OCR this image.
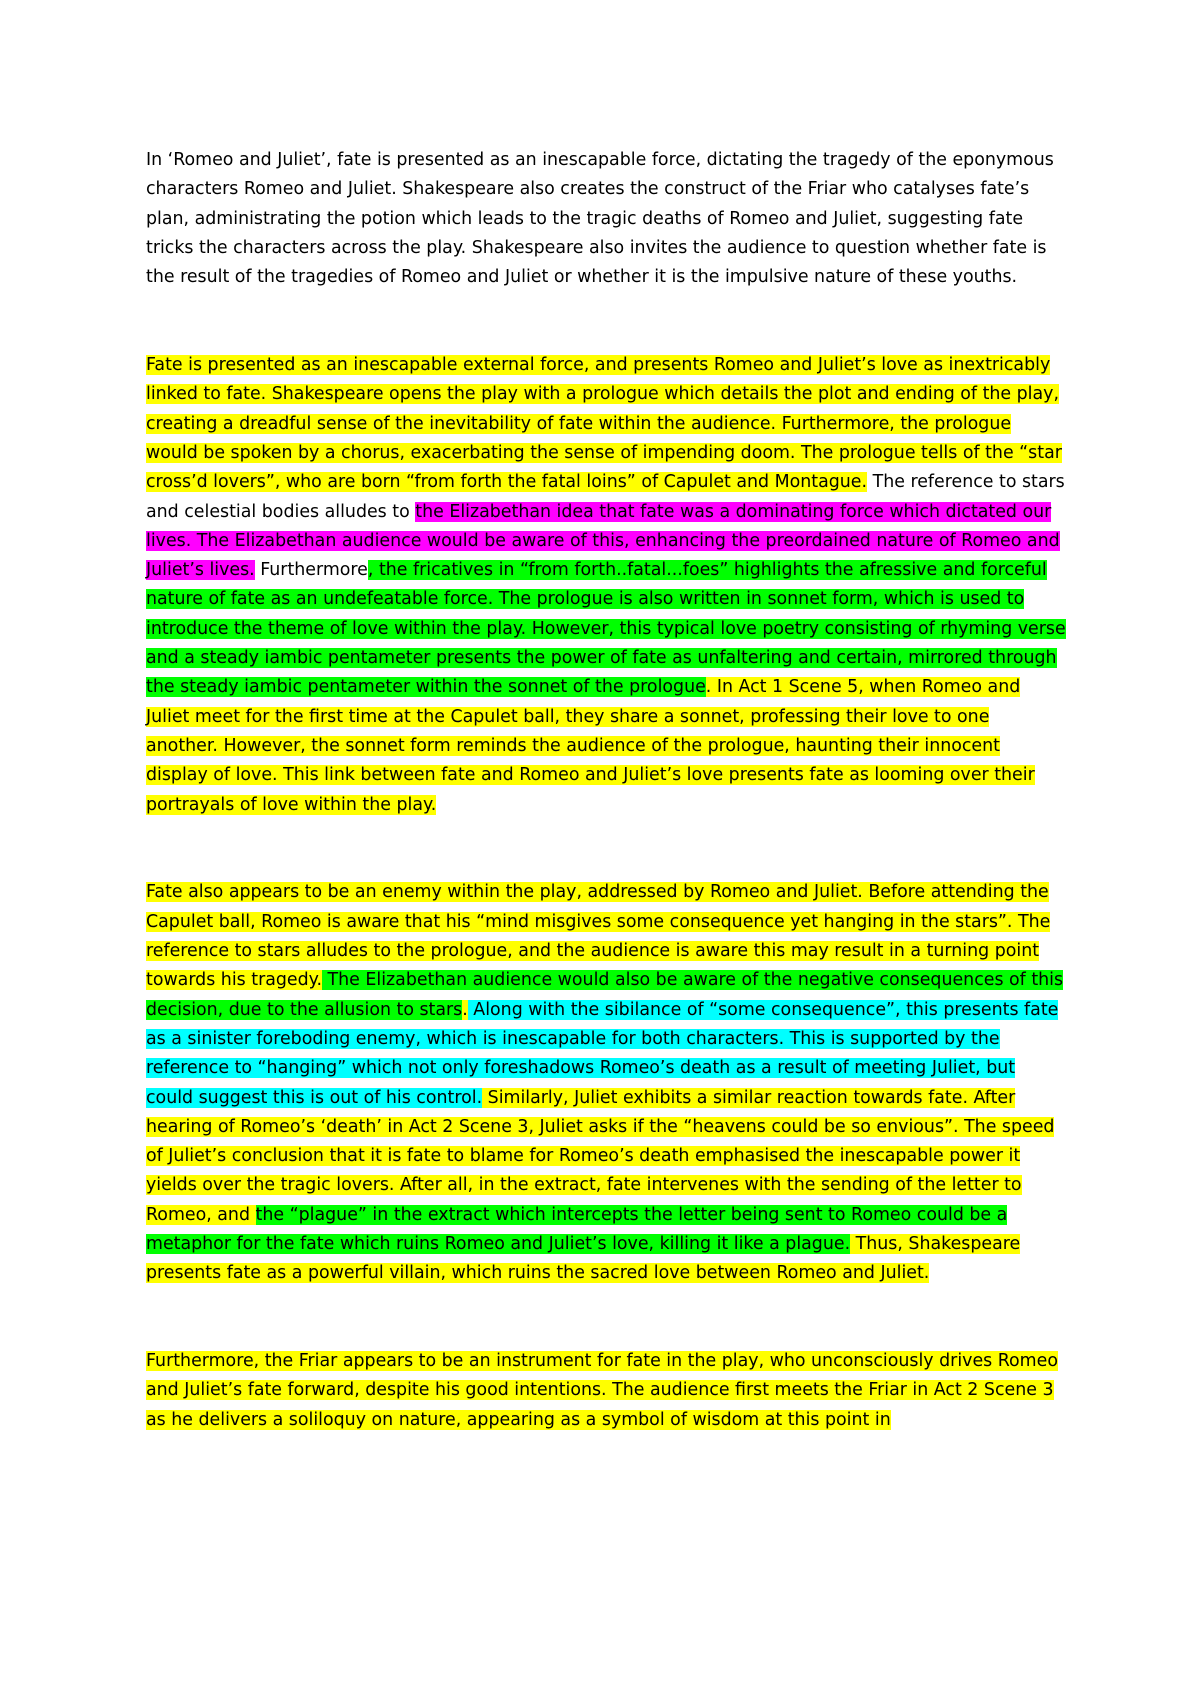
In ‘Romeo and Juliet’, fate is presented as an inescapable force, dictating the tragedy of the eponymous characters Romeo and Juliet. Shakespeare also creates the construct of the Friar who catalyses fate’s plan, administrating the potion which leads to the tragic deaths of Romeo and Juliet, suggesting fate tricks the characters across the play. Shakespeare also invites the audience to question whether fate is the result of the tragedies of Romeo and Juliet or whether it is the impulsive nature of these youths.

Fate is presented as an inescapable external force, and presents Romeo and Juliet’s love as inextricably linked to fate. Shakespeare opens the play with a prologue which details the plot and ending of the play, creating a dreadful sense of the inevitability of fate within the audience. Furthermore, the prologue would be spoken by a chorus, exacerbating the sense of impending doom. The prologue tells of the “star cross’d lovers”, who are born “from forth the fatal loins” of Capulet and Montague. The reference to stars and celestial bodies alludes to the Elizabethan idea that fate was a dominating force which dictated our lives. The Elizabethan audience would be aware of this, enhancing the preordained nature of Romeo and Juliet’s lives. Furthermore, the fricatives in “from forth..fatal...foes” highlights the afressive and forceful nature of fate as an undefeatable force. The prologue is also written in sonnet form, which is used to introduce the theme of love within the play. However, this typical love poetry consisting of rhyming verse and a steady iambic pentameter presents the power of fate as unfaltering and certain, mirrored through the steady iambic pentameter within the sonnet of the prologue. In Act 1 Scene 5, when Romeo and Juliet meet for the first time at the Capulet ball, they share a sonnet, professing their love to one another. However, the sonnet form reminds the audience of the prologue, haunting their innocent display of love. This link between fate and Romeo and Juliet’s love presents fate as looming over their portrayals of love within the play.

Fate also appears to be an enemy within the play, addressed by Romeo and Juliet. Before attending the Capulet ball, Romeo is aware that his “mind misgives some consequence yet hanging in the stars”. The reference to stars alludes to the prologue, and the audience is aware this may result in a turning point towards his tragedy. The Elizabethan audience would also be aware of the negative consequences of this decision, due to the allusion to stars. Along with the sibilance of “some consequence”, this presents fate as a sinister foreboding enemy, which is inescapable for both characters. This is supported by the reference to “hanging” which not only foreshadows Romeo’s death as a result of meeting Juliet, but could suggest this is out of his control. Similarly, Juliet exhibits a similar reaction towards fate. After hearing of Romeo’s ‘death’ in Act 2 Scene 3, Juliet asks if the “heavens could be so envious”. The speed of Juliet’s conclusion that it is fate to blame for Romeo’s death emphasised the inescapable power it yields over the tragic lovers. After all, in the extract, fate intervenes with the sending of the letter to Romeo, and the “plague” in the extract which intercepts the letter being sent to Romeo could be a metaphor for the fate which ruins Romeo and Juliet’s love, killing it like a plague. Thus, Shakespeare presents fate as a powerful villain, which ruins the sacred love between Romeo and Juliet.

Furthermore, the Friar appears to be an instrument for fate in the play, who unconsciously drives Romeo and Juliet’s fate forward, despite his good intentions. The audience first meets the Friar in Act 2 Scene 3 as he delivers a soliloquy on nature, appearing as a symbol of wisdom at this point in
